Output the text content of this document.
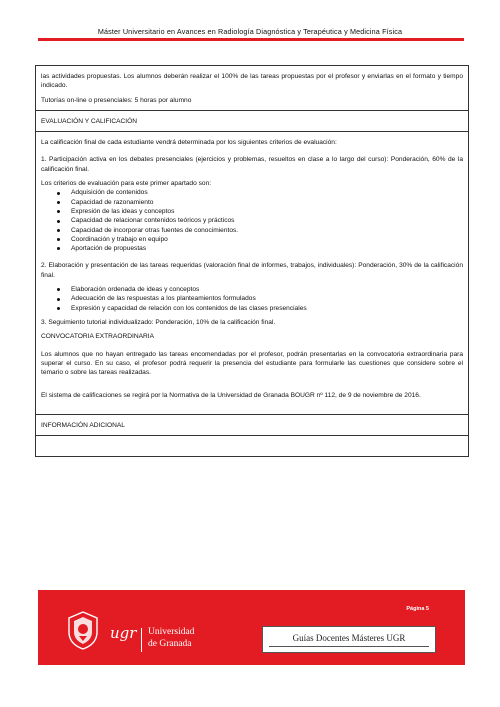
Máster Universitario en Avances en Radiología Diagnóstica y Terapéutica y Medicina Física

las actividades propuestas. Los alumnos deberán realizar el 100% de las tareas propuestas por el profesor y enviarlas en el formato y tiempo indicado.

Tutorías on-line o presenciales: 5 horas por alumno

EVALUACIÓN Y CALIFICACIÓN

La calificación final de cada estudiante vendrá determinada por los siguientes criterios de evaluación:

1. Participación activa en los debates presenciales (ejercicios y problemas, resueltos en clase a lo largo del curso): Ponderación, 60% de la calificación final.

Los criterios de evaluación para este primer apartado son:

Adquisición de contenidos
Capacidad de razonamiento
Expresión de las ideas y conceptos
Capacidad de relacionar contenidos teóricos y prácticos
Capacidad de incorporar otras fuentes de conocimientos.
Coordinación y trabajo en equipo
Aportación de propuestas

2. Elaboración y presentación de las tareas requeridas (valoración final de informes, trabajos, individuales): Ponderación, 30% de la calificación final.

Elaboración ordenada de ideas y conceptos
Adecuación de las respuestas a los planteamientos formulados
Expresión y capacidad de relación con los contenidos de las clases presenciales

3. Seguimiento tutorial individualizado: Ponderación, 10% de la calificación final.

CONVOCATORIA EXTRAORDINARIA

Los alumnos que no hayan entregado las tareas encomendadas por el profesor, podrán presentarlas en la convocatoria extraordinaria para superar el curso. En su caso, el profesor podrá requerir la presencia del estudiante para formularle las cuestiones que considere sobre el temario o sobre las tareas realizadas.

El sistema de calificaciones se regirá por la Normativa de la Universidad de Granada BOUGR nº 112, de 9 de noviembre de 2016.

INFORMACIÓN ADICIONAL
Página 5
ugr Universidad
de Granada
Guías Docentes Másteres UGR
